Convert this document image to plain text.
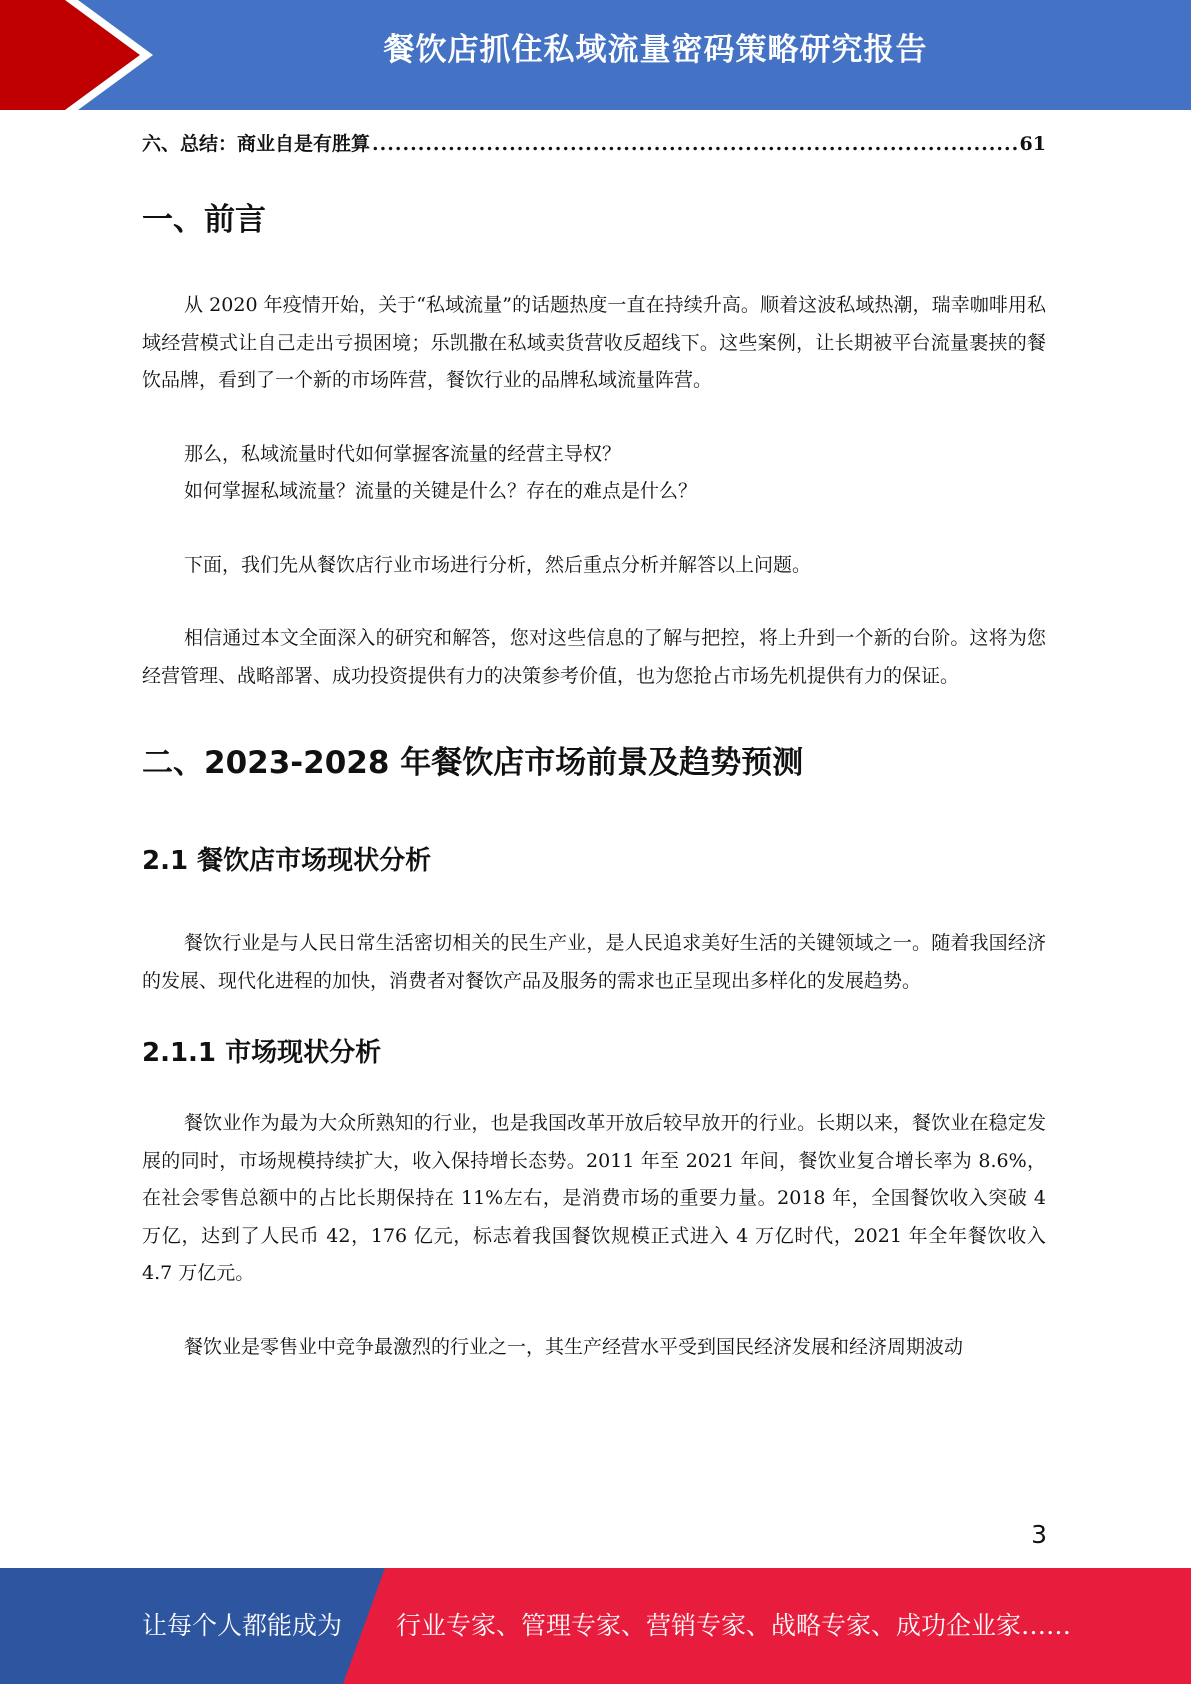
餐饮店抓住私域流量密码策略研究报告
六、总结：商业自是有胜算
.....	61
一、前言

从 2020 年疫情开始，关于“私域流量”的话题热度一直在持续升高。顺着这波私域热潮，瑞幸咖啡用私域经营模式让自己走出亏损困境；乐凯撒在私域卖货营收反超线下。这些案例，让长期被平台流量裹挟的餐饮品牌，看到了一个新的市场阵营，餐饮行业的品牌私域流量阵营。

那么，私域流量时代如何掌握客流量的经营主导权？

如何掌握私域流量？流量的关键是什么？存在的难点是什么？

下面，我们先从餐饮店行业市场进行分析，然后重点分析并解答以上问题。

相信通过本文全面深入的研究和解答，您对这些信息的了解与把控，将上升到一个新的台阶。这将为您经营管理、战略部署、成功投资提供有力的决策参考价值，也为您抢占市场先机提供有力的保证。

二、2023-2028 年餐饮店市场前景及趋势预测
2.1 餐饮店市场现状分析

餐饮行业是与人民日常生活密切相关的民生产业，是人民追求美好生活的关键领域之一。随着我国经济的发展、现代化进程的加快，消费者对餐饮产品及服务的需求也正呈现出多样化的发展趋势。

2.1.1 市场现状分析

餐饮业作为最为大众所熟知的行业，也是我国改革开放后较早放开的行业。长期以来，餐饮业在稳定发展的同时，市场规模持续扩大，收入保持增长态势。2011 年至 2021 年间，餐饮业复合增长率为 8.6%，在社会零售总额中的占比长期保持在 11%左右，是消费市场的重要力量。2018 年，全国餐饮收入突破 4 万亿，达到了人民币 42，176 亿元，标志着我国餐饮规模正式进入 4 万亿时代，2021 年全年餐饮收入 4.7 万亿元。

餐饮业是零售业中竞争最激烈的行业之一，其生产经营水平受到国民经济发展和经济周期波动

3
让每个人都能成为 行业专家、管理专家、营销专家、战略专家、成功企业家……
